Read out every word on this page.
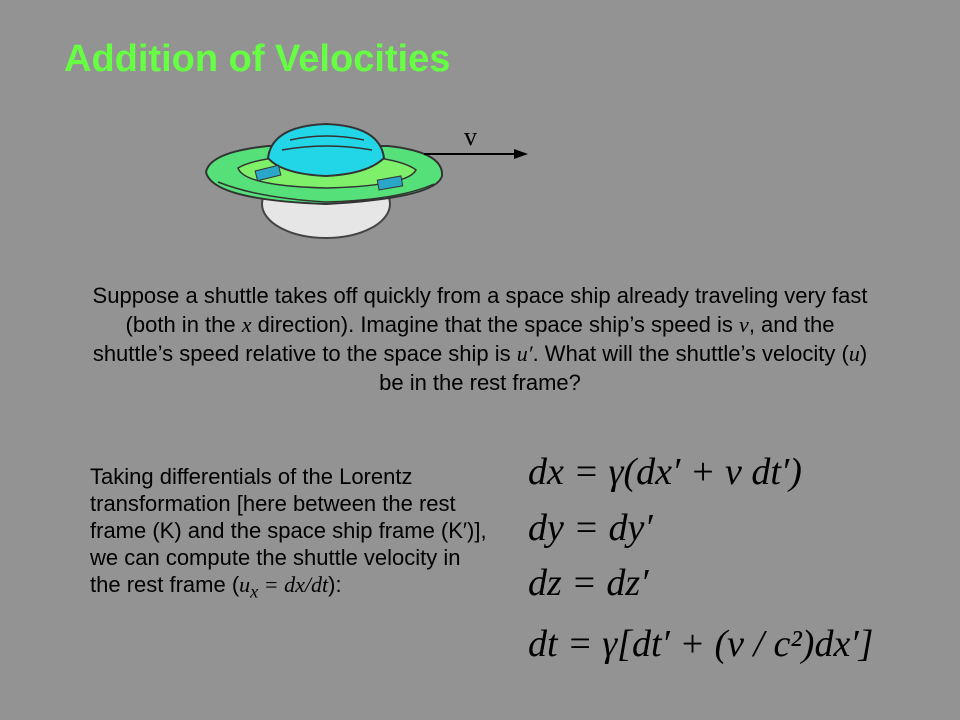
Addition of Velocities
v
Suppose a shuttle takes off quickly from a space ship already traveling very fast (both in the x direction). Imagine that the space ship’s speed is v, and the shuttle’s speed relative to the space ship is u′. What will the shuttle’s velocity (u) be in the rest frame?
Taking differentials of the Lorentz transformation [here between the rest frame (K) and the space ship frame (K′)], we can compute the shuttle velocity in the rest frame $(u_x = dx/dt)$:
dx = γ(dx′ + v dt′)
dy = dy′
dz = dz′
dt = γ[dt′ + (v / c²)dx′]
